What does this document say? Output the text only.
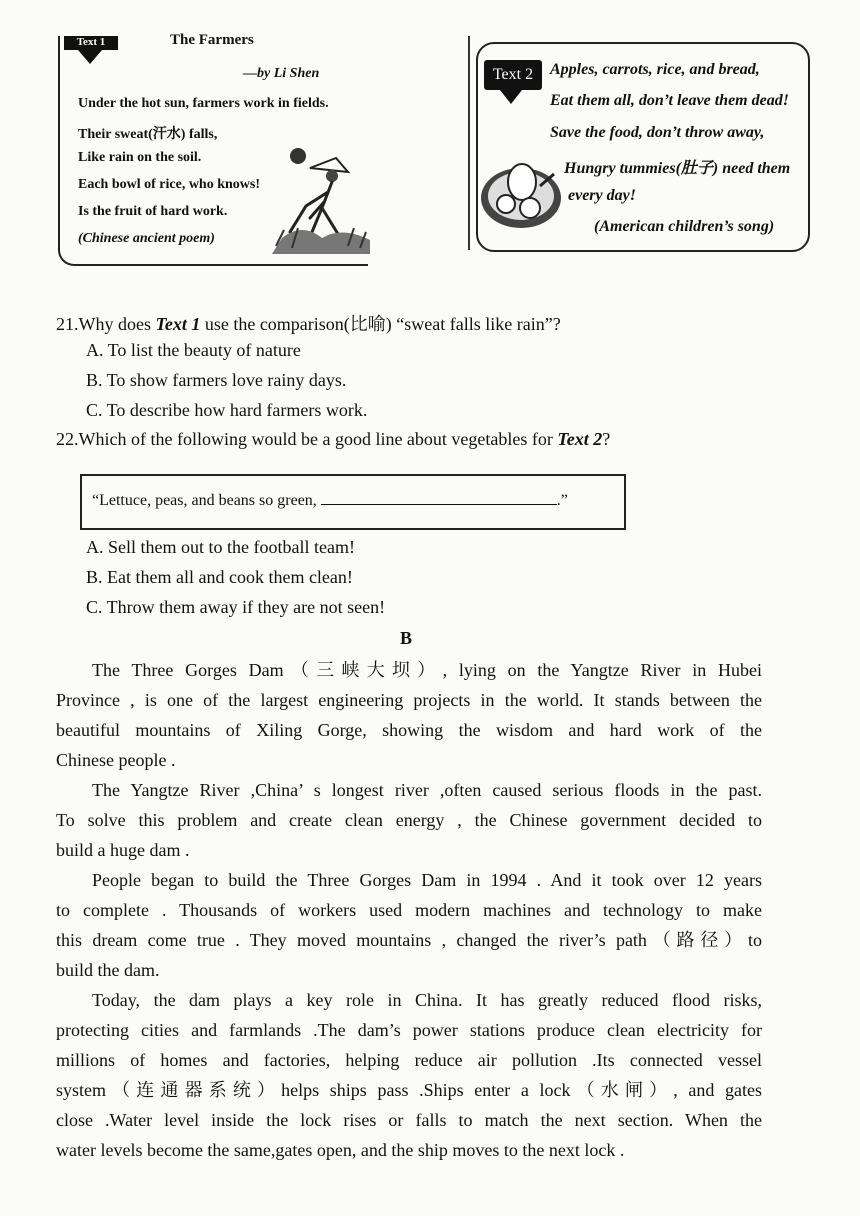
Text 1	The Farmers
—by Li Shen
Under the hot sun, farmers work in fields.
Their sweat(汗水) falls,
Like rain on the soil.
Each bowl of rice, who knows!
Is the fruit of hard work.
(Chinese ancient poem)
Text 2	Apples, carrots, rice, and bread,
Eat them all, don’t leave them dead!
Save the food, don’t throw away,
Hungry tummies(肚子) need them
every day!
(American children’s song)
21.Why does Text 1 use the comparison(比喻) “sweat falls like rain”?
A. To list the beauty of nature
B. To show farmers love rainy days.
C. To describe how hard farmers work.
22.Which of the following would be a good line about vegetables for Text 2?
“Lettuce, peas, and beans so green,	.”
A. Sell them out to the football team!
B. Eat them all and cook them clean!
C. Throw them away if they are not seen!
B
The Three Gorges Dam（三峡大坝）, lying on the Yangtze River in Hubei
Province , is one of the largest engineering projects in the world. It stands between the
beautiful mountains of Xiling Gorge, showing the wisdom and hard work of the
Chinese people .
The Yangtze River ,China’ s longest river ,often caused serious floods in the past.
To solve this problem and create clean energy , the Chinese government decided to
build a huge dam .
People began to build the Three Gorges Dam in 1994 . And it took over 12 years
to complete . Thousands of workers used modern machines and technology to make
this dream come true . They moved mountains , changed the river’s path（路径）to
build the dam.
Today, the dam plays a key role in China. It has greatly reduced flood risks,
protecting cities and farmlands .The dam’s power stations produce clean electricity for
millions of homes and factories, helping reduce air pollution .Its connected vessel
system（连通器系统）helps ships pass .Ships enter a lock（水闸）, and gates
close .Water level inside the lock rises or falls to match the next section. When the
water levels become the same,gates open, and the ship moves to the next lock .
